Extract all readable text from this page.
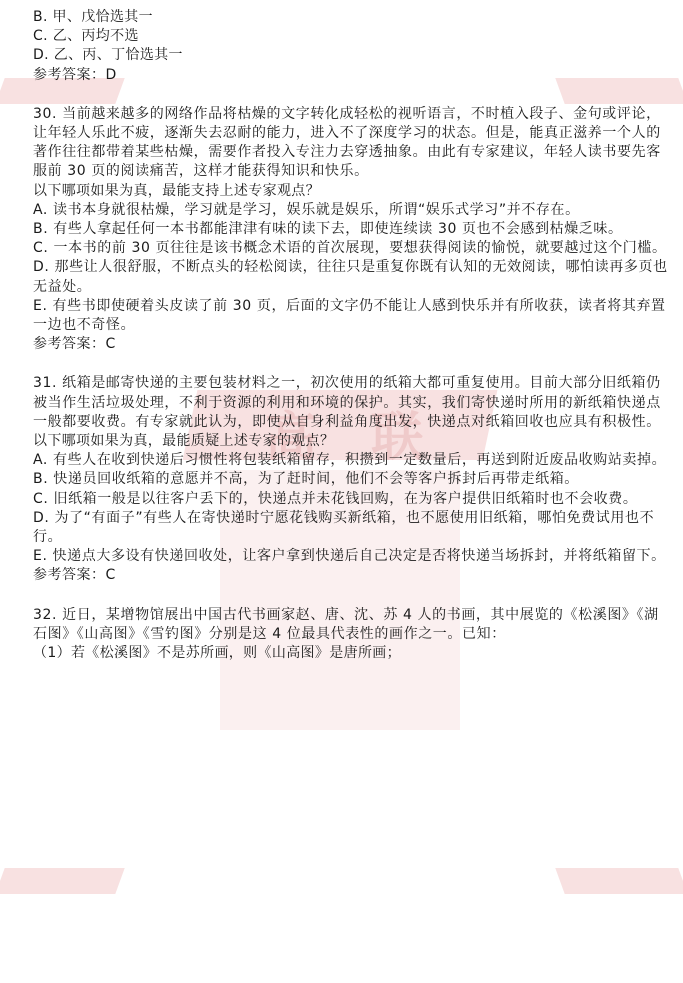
高 联
B. 甲、戊恰选其一
C. 乙、丙均不选
D. 乙、丙、丁恰选其一
参考答案：D
30. 当前越来越多的网络作品将枯燥的文字转化成轻松的视听语言，不时植入段子、金句或评论，让年轻人乐此不疲，逐渐失去忍耐的能力，进入不了深度学习的状态。但是，能真正滋养一个人的著作往往都带着某些枯燥，需要作者投入专注力去穿透抽象。由此有专家建议，年轻人读书要先客服前 30 页的阅读痛苦，这样才能获得知识和快乐。
以下哪项如果为真，最能支持上述专家观点？
A. 读书本身就很枯燥，学习就是学习，娱乐就是娱乐，所谓“娱乐式学习”并不存在。
B. 有些人拿起任何一本书都能津津有味的读下去，即使连续读 30 页也不会感到枯燥乏味。
C. 一本书的前 30 页往往是该书概念术语的首次展现，要想获得阅读的愉悦，就要越过这个门槛。
D. 那些让人很舒服，不断点头的轻松阅读，往往只是重复你既有认知的无效阅读，哪怕读再多页也无益处。
E. 有些书即使硬着头皮读了前 30 页，后面的文字仍不能让人感到快乐并有所收获，读者将其弃置一边也不奇怪。
参考答案：C
31. 纸箱是邮寄快递的主要包装材料之一，初次使用的纸箱大都可重复使用。目前大部分旧纸箱仍被当作生活垃圾处理，不利于资源的利用和环境的保护。其实，我们寄快递时所用的新纸箱快递点一般都要收费。有专家就此认为，即使从自身利益角度出发，快递点对纸箱回收也应具有积极性。
以下哪项如果为真，最能质疑上述专家的观点？
A. 有些人在收到快递后习惯性将包装纸箱留存，积攒到一定数量后，再送到附近废品收购站卖掉。
B. 快递员回收纸箱的意愿并不高，为了赶时间，他们不会等客户拆封后再带走纸箱。
C. 旧纸箱一般是以往客户丢下的，快递点并未花钱回购，在为客户提供旧纸箱时也不会收费。
D. 为了“有面子”有些人在寄快递时宁愿花钱购买新纸箱，也不愿使用旧纸箱，哪怕免费试用也不行。
E. 快递点大多设有快递回收处，让客户拿到快递后自己决定是否将快递当场拆封，并将纸箱留下。
参考答案：C
32. 近日，某增物馆展出中国古代书画家赵、唐、沈、苏 4 人的书画，其中展览的《松溪图》《湖石图》《山高图》《雪钓图》分别是这 4 位最具代表性的画作之一。已知：
（1）若《松溪图》不是苏所画，则《山高图》是唐所画；
